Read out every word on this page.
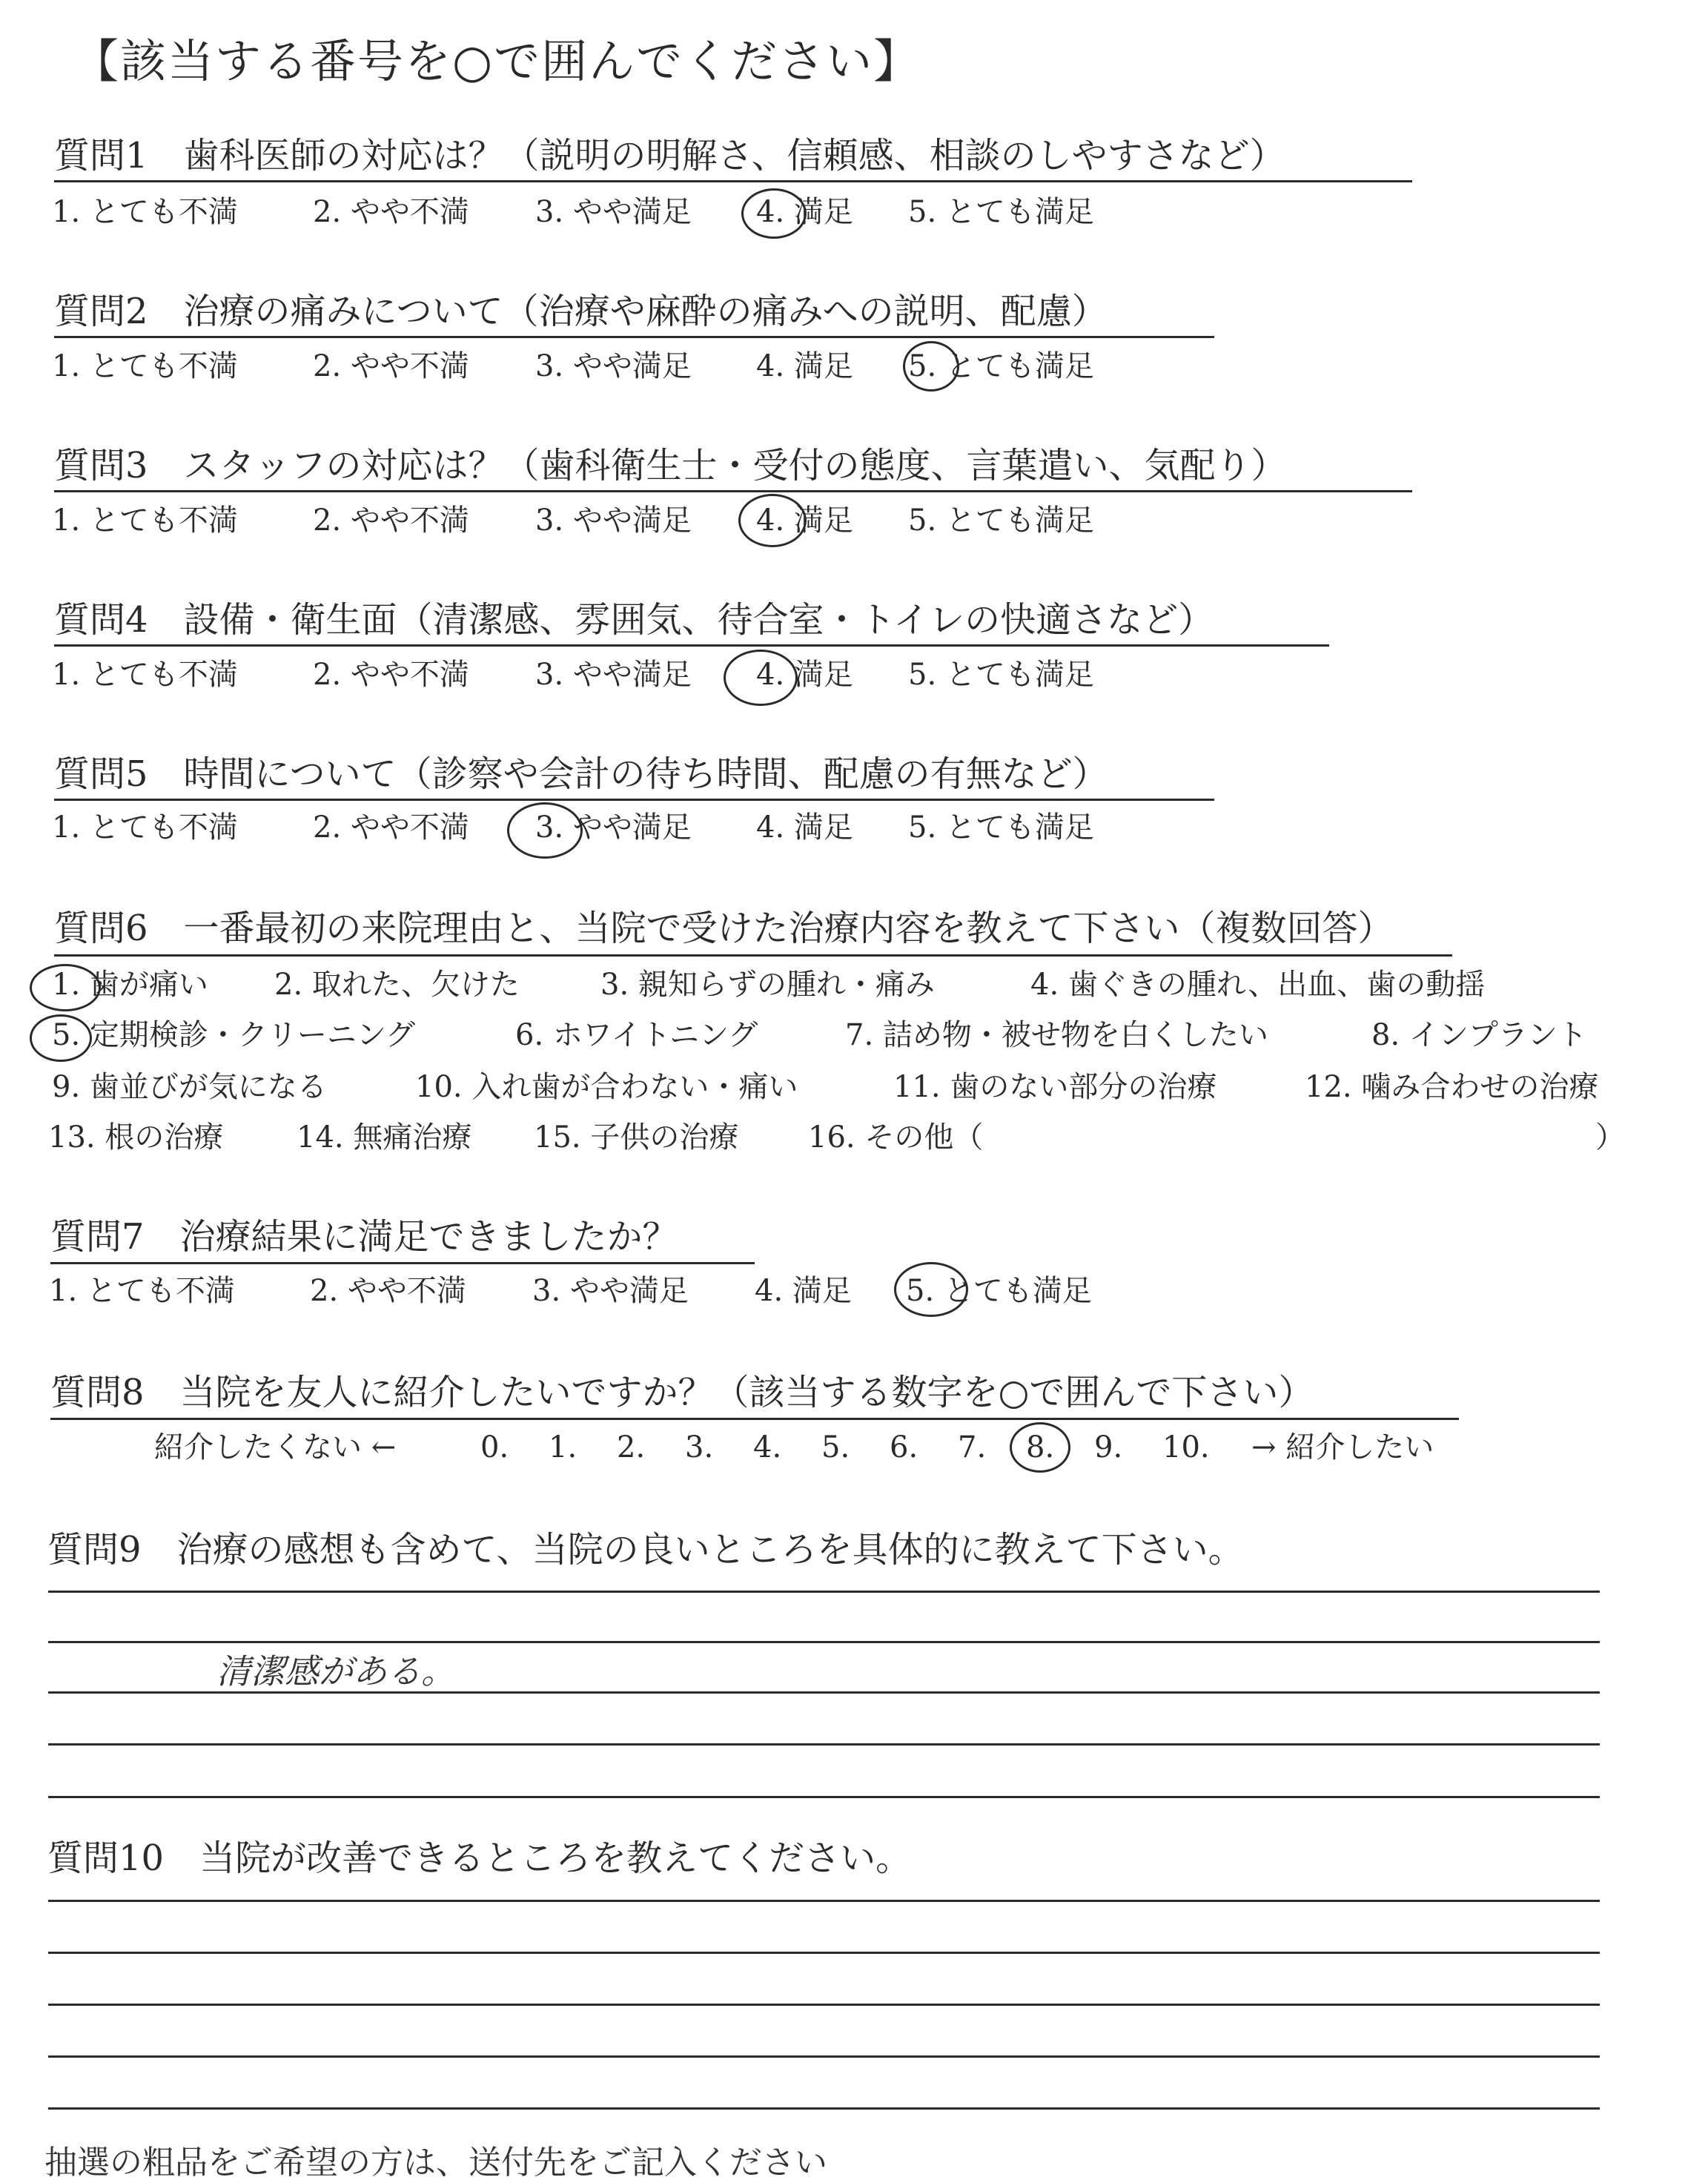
【該当する番号を○で囲んでください】
質問1　歯科医師の対応は？（説明の明解さ、信頼感、相談のしやすさなど）
1. とても不満	2. やや不満 3. やや満足 4. 満足 5. とても満足
質問2　治療の痛みについて（治療や麻酔の痛みへの説明、配慮）
1. とても不満	2. やや不満 3. やや満足 4. 満足 5. とても満足
質問3　スタッフの対応は？（歯科衛生士・受付の態度、言葉遣い、気配り）
1. とても不満	2. やや不満 3. やや満足 4. 満足 5. とても満足
質問4　設備・衛生面（清潔感、雰囲気、待合室・トイレの快適さなど）
1. とても不満	2. やや不満 3. やや満足 4. 満足 5. とても満足
質問5　時間について（診察や会計の待ち時間、配慮の有無など）
1. とても不満	2. やや不満 3. やや満足 4. 満足 5. とても満足
質問6　一番最初の来院理由と、当院で受けた治療内容を教えて下さい（複数回答）
1. 歯が痛い 2. 取れた、欠けた	3. 親知らずの腫れ・痛み	4. 歯ぐきの腫れ、出血、歯の動揺
5. 定期検診・クリーニング	6. ホワイトニング	7. 詰め物・被せ物を白くしたい	8. インプラント
9. 歯並びが気になる	10. 入れ歯が合わない・痛い	11. 歯のない部分の治療	12. 噛み合わせの治療
13. 根の治療 14. 無痛治療 15. 子供の治療 16. その他（	）
質問7　治療結果に満足できましたか？
1. とても不満	2. やや不満 3. やや満足 4. 満足 5. とても満足
質問8　当院を友人に紹介したいですか？（該当する数字を○で囲んで下さい）
紹介したくない ←	0. 1. 2. 3. 4. 5. 6. 7. 8. 9. 10. → 紹介したい
質問9　治療の感想も含めて、当院の良いところを具体的に教えて下さい。
清潔感がある。
質問10　当院が改善できるところを教えてください。
抽選の粗品をご希望の方は、送付先をご記入ください
